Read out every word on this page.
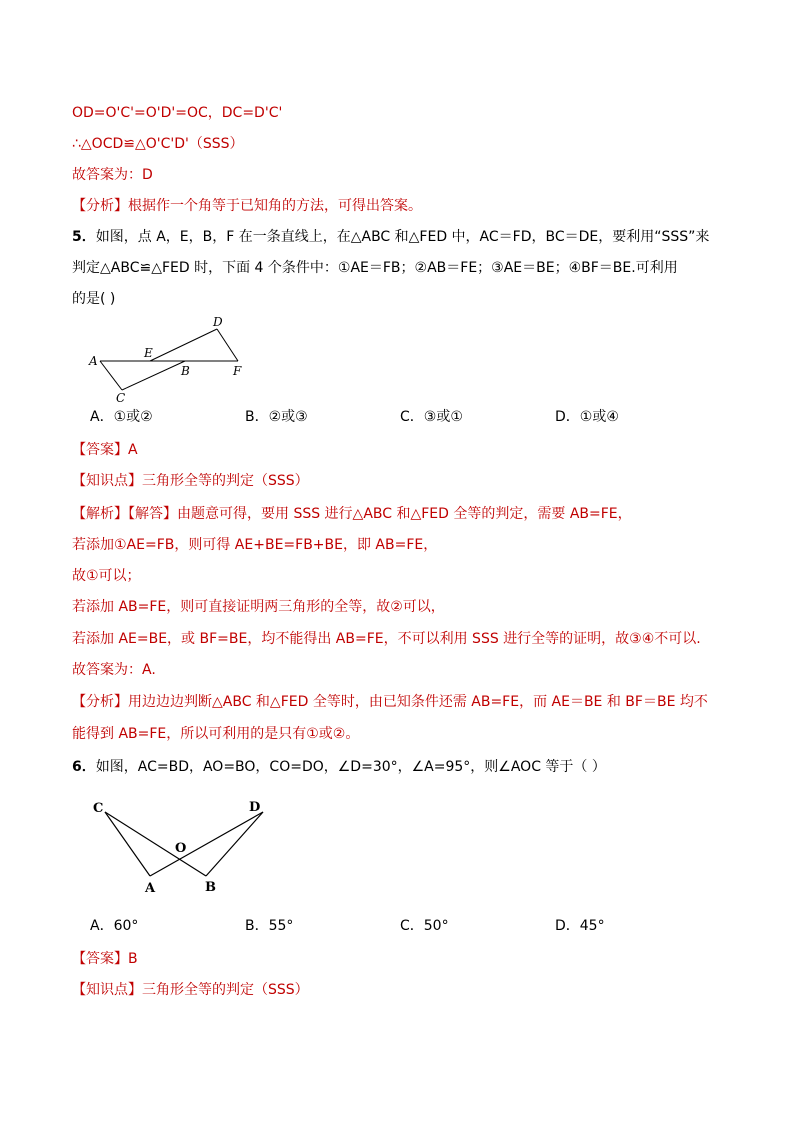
OD=O'C'=O'D'=OC，DC=D'C'
∴△OCD≌△O'C'D'（SSS）
故答案为：D
【分析】根据作一个角等于已知角的方法，可得出答案。
5．如图，点 A，E，B，F 在一条直线上，在△ABC 和△FED 中，AC＝FD，BC＝DE，要利用“SSS”来
判定△ABC≌△FED 时，下面 4 个条件中：①AE＝FB；②AB＝FE；③AE＝BE；④BF＝BE.可利用
的是( )
A
E
B	F
C
D
A．①或②	B．②或③	C．③或①	D．①或④
【答案】A
【知识点】三角形全等的判定（SSS）
【解析】【解答】由题意可得，要用 SSS 进行△ABC 和△FED 全等的判定，需要 AB=FE，
若添加①AE=FB，则可得 AE+BE=FB+BE，即 AB=FE，
故①可以；
若添加 AB=FE，则可直接证明两三角形的全等，故②可以，
若添加 AE=BE，或 BF=BE，均不能得出 AB=FE，不可以利用 SSS 进行全等的证明，故③④不可以.
故答案为：A.
【分析】用边边边判断△ABC 和△FED 全等时，由已知条件还需 AB=FE，而 AE＝BE 和 BF＝BE 均不
能得到 AB=FE，所以可利用的是只有①或②。
6．如图，AC=BD，AO=BO，CO=DO，∠D=30°，∠A=95°，则∠AOC 等于（ ）
C	D
O
A	B
A．60°	B．55°	C．50°	D．45°
【答案】B
【知识点】三角形全等的判定（SSS）
